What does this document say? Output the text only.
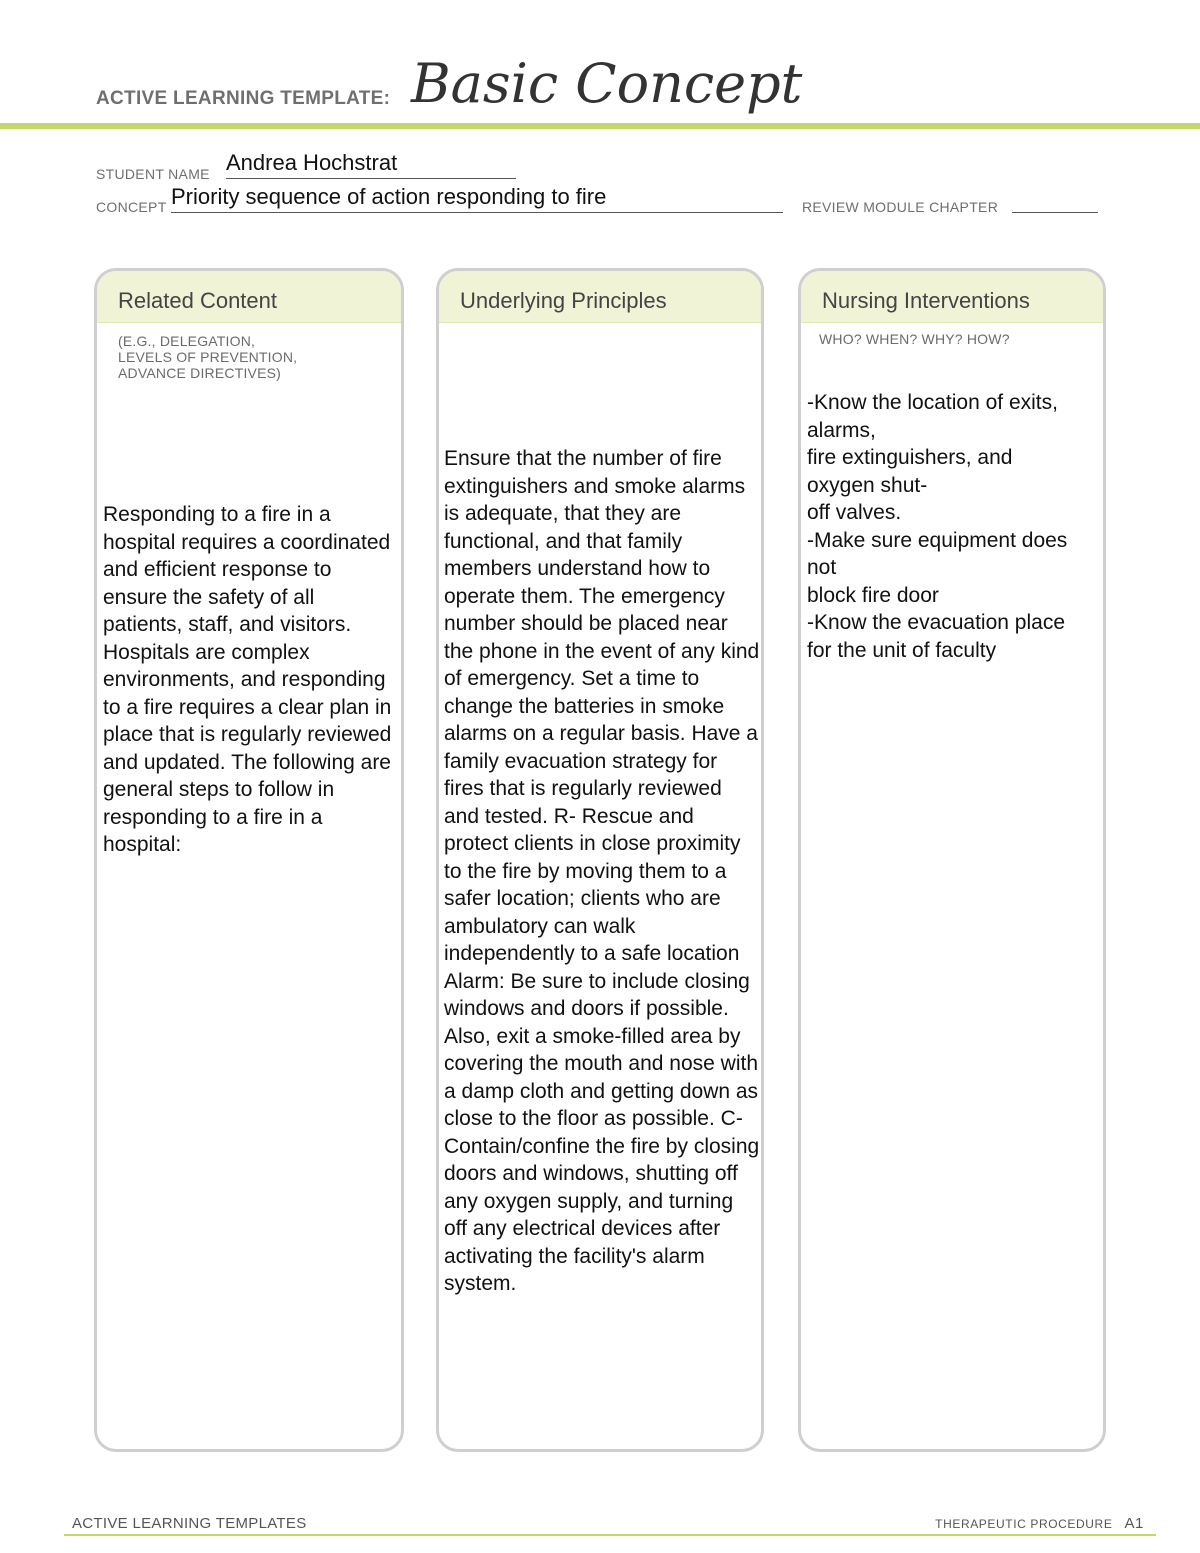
ACTIVE LEARNING TEMPLATE: Basic Concept
STUDENT NAME Andrea Hochstrat
CONCEPT Priority sequence of action responding to fire	REVIEW MODULE CHAPTER
Related Content
(E.G., DELEGATION,
LEVELS OF PREVENTION,
ADVANCE DIRECTIVES)
Responding to a fire in a hospital requires a coordinated and efficient response to ensure the safety of all patients, staff, and visitors. Hospitals are complex environments, and responding to a fire requires a clear plan in place that is regularly reviewed and updated. The following are general steps to follow in responding to a fire in a hospital:
Underlying Principles
Ensure that the number of fire extinguishers and smoke alarms is adequate, that they are functional, and that family members understand how to operate them. The emergency number should be placed near the phone in the event of any kind of emergency. Set a time to change the batteries in smoke alarms on a regular basis. Have a family evacuation strategy for fires that is regularly reviewed and tested. R- Rescue and protect clients in close proximity to the fire by moving them to a safer location; clients who are ambulatory can walk independently to a safe location Alarm: Be sure to include closing windows and doors if possible. Also, exit a smoke-filled area by covering the mouth and nose with a damp cloth and getting down as close to the floor as possible. C-Contain/confine the fire by closing doors and windows, shutting off any oxygen supply, and turning off any electrical devices after activating the facility's alarm system.
Nursing Interventions
WHO? WHEN? WHY? HOW?
-Know the location of exits,
alarms,
fire extinguishers, and
oxygen shut-
off valves.
-Make sure equipment does
not
block fire door
-Know the evacuation place
for the unit of faculty
ACTIVE LEARNING TEMPLATES	THERAPEUTIC PROCEDURE A1
